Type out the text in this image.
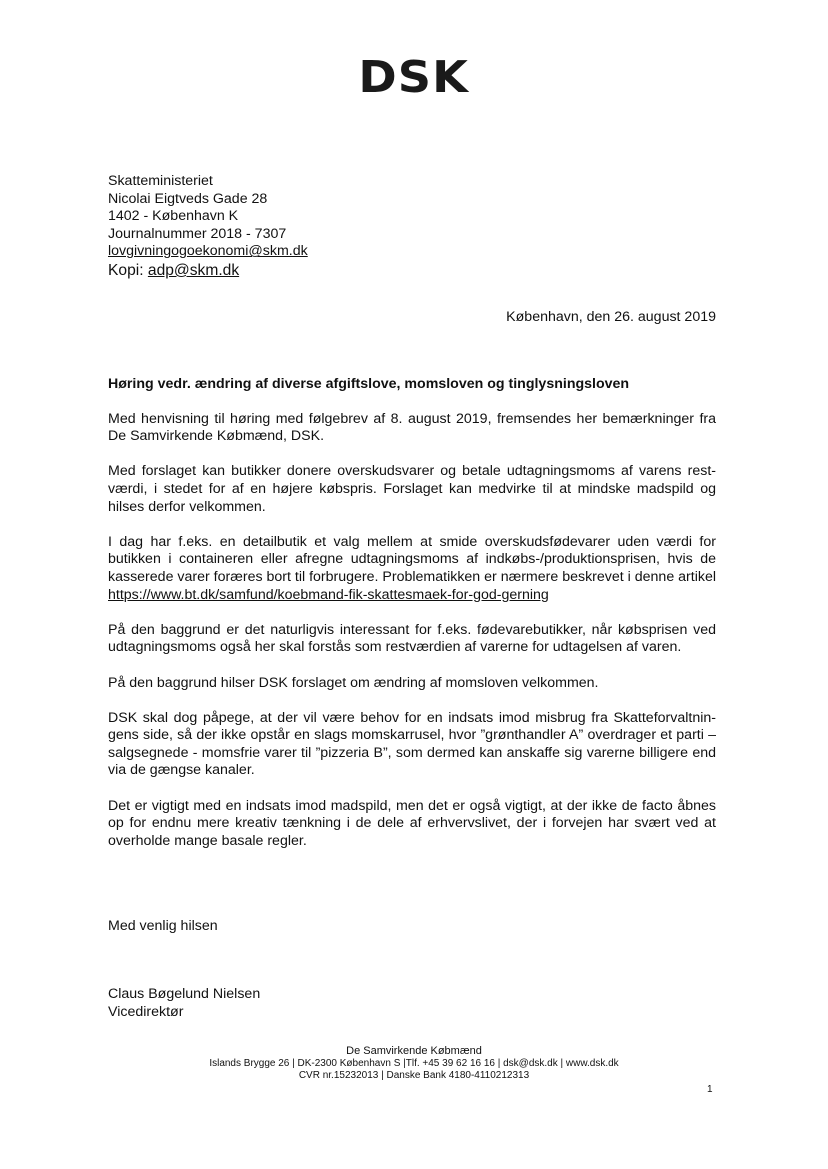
DSK
Skatteministeriet
Nicolai Eigtveds Gade 28
1402 - København K
Journalnummer 2018 - 7307
lovgivningogoekonomi@skm.dk
Kopi: adp@skm.dk
København, den 26. august 2019

Høring vedr. ændring af diverse afgiftslove, momsloven og tinglysningsloven

Med henvisning til høring med følgebrev af 8. august 2019, fremsendes her bemærkninger fra De Samvirkende Købmænd, DSK.

Med forslaget kan butikker donere overskudsvarer og betale udtagningsmoms af varens rest-værdi, i stedet for af en højere købspris. Forslaget kan medvirke til at mindske madspild og hilses derfor velkommen.

I dag har f.eks. en detailbutik et valg mellem at smide overskudsfødevarer uden værdi for butikken i containeren eller afregne udtagningsmoms af indkøbs-/produktionsprisen, hvis de kasserede varer foræres bort til forbrugere. Problematikken er nærmere beskrevet i denne artikel https://www.bt.dk/samfund/koebmand-fik-skattesmaek-for-god-gerning

På den baggrund er det naturligvis interessant for f.eks. fødevarebutikker, når købsprisen ved udtagningsmoms også her skal forstås som restværdien af varerne for udtagelsen af varen.

På den baggrund hilser DSK forslaget om ændring af momsloven velkommen.

DSK skal dog påpege, at der vil være behov for en indsats imod misbrug fra Skatteforvaltnin-gens side, så der ikke opstår en slags momskarrusel, hvor ”grønthandler A” overdrager et parti – salgsegnede - momsfrie varer til ”pizzeria B”, som dermed kan anskaffe sig varerne billigere end via de gængse kanaler.

Det er vigtigt med en indsats imod madspild, men det er også vigtigt, at der ikke de facto åbnes op for endnu mere kreativ tænkning i de dele af erhvervslivet, der i forvejen har svært ved at overholde mange basale regler.

Med venlig hilsen
Claus Bøgelund Nielsen
Vicedirektør
De Samvirkende Købmænd
Islands Brygge 26 | DK-2300 København S |Tlf. +45 39 62 16 16 | dsk@dsk.dk | www.dsk.dk
CVR nr.15232013 | Danske Bank 4180-4110212313
1
